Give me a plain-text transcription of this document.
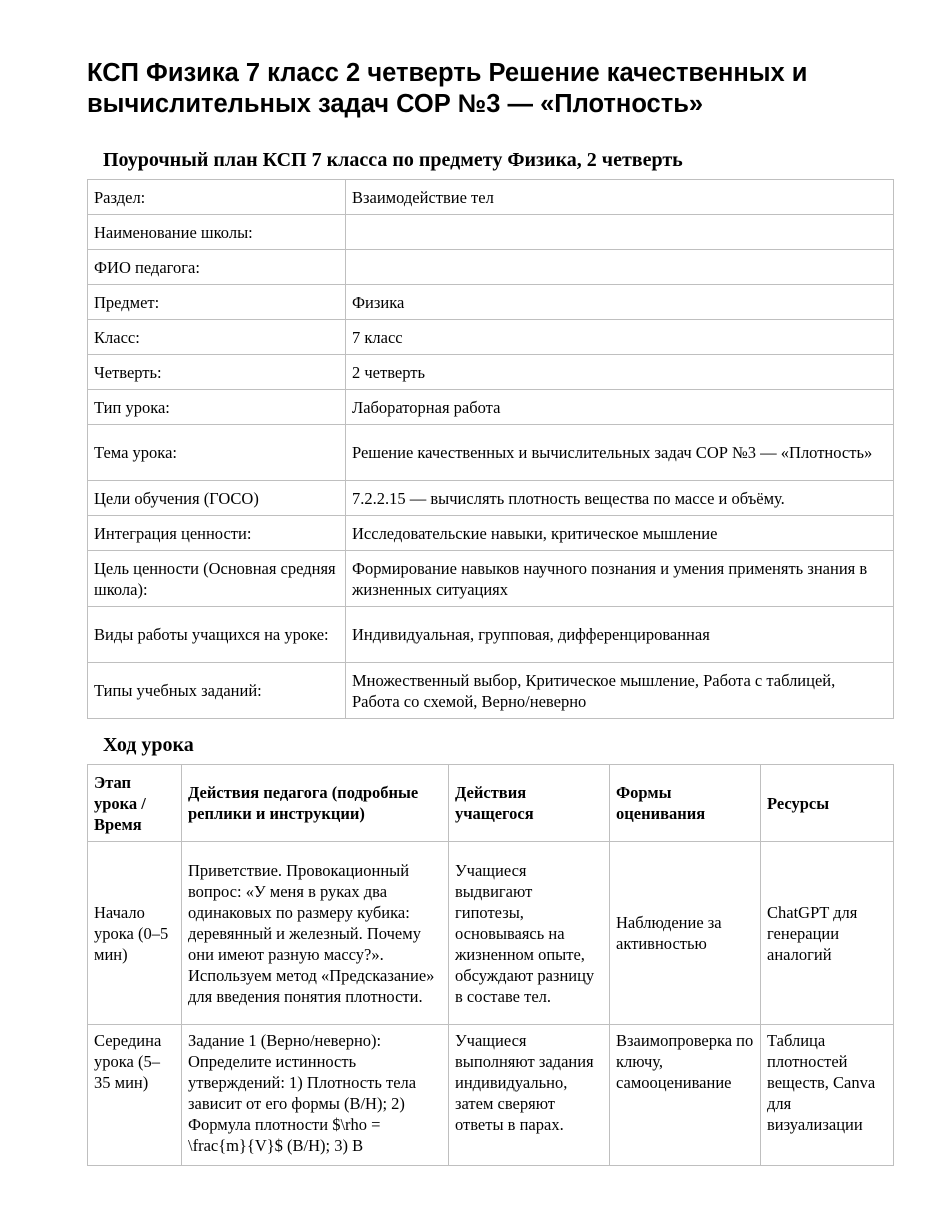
КСП Физика 7 класс 2 четверть Решение качественных и вычислительных задач СОР №3 — «Плотность»
Поурочный план КСП 7 класса по предмету Физика, 2 четверть
Раздел:	Взаимодействие тел
Наименование школы:	
ФИО педагога:	
Предмет:	Физика
Класс:	7 класс
Четверть:	2 четверть
Тип урока:	Лабораторная работа
Тема урока:	Решение качественных и вычислительных задач СОР №3 — «Плотность»
Цели обучения (ГОСО)	7.2.2.15 — вычислять плотность вещества по массе и объёму.
Интеграция ценности:	Исследовательские навыки, критическое мышление
Цель ценности (Основная средняя школа):	Формирование навыков научного познания и умения применять знания в жизненных ситуациях
Виды работы учащихся на уроке:	Индивидуальная, групповая, дифференцированная
Типы учебных заданий:	Множественный выбор, Критическое мышление, Работа с таблицей, Работа со схемой, Верно/неверно
Ход урока
Этап урока / Время	Действия педагога (подробные реплики и инструкции)	Действия учащегося	Формы оценивания	Ресурсы
Начало урока (0–5 мин)	Приветствие. Провокационный вопрос: «У меня в руках два одинаковых по размеру кубика: деревянный и железный. Почему они имеют разную массу?». Используем метод «Предсказание» для введения понятия плотности.	Учащиеся выдвигают гипотезы, основываясь на жизненном опыте, обсуждают разницу в составе тел.	Наблюдение за активностью	ChatGPT для генерации аналогий

Середина урока (5–35 мин)	Задание 1 (Верно/неверно): Определите истинность утверждений: 1) Плотность тела зависит от его формы (В/Н); 2) Формула плотности $\rho = \frac{m}{V}$ (В/Н); 3) В	Учащиеся выполняют задания индивидуально, затем сверяют ответы в парах.	Взаимопроверка по ключу, самооценивание	Таблица плотностей веществ, Canva для визуализации
